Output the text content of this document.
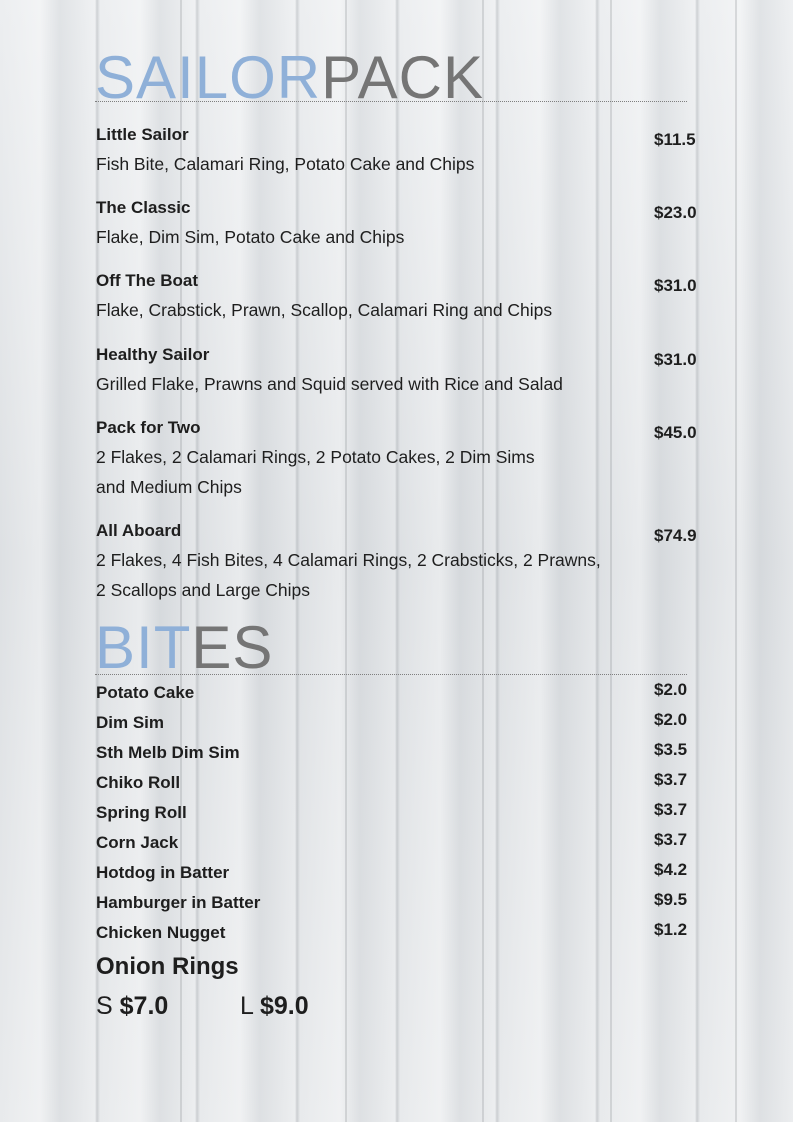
SAILORPACK
Little Sailor
Fish Bite, Calamari Ring, Potato Cake and Chips
$11.5
The Classic
Flake, Dim Sim, Potato Cake and Chips
$23.0
Off The Boat
Flake, Crabstick, Prawn, Scallop, Calamari Ring and Chips
$31.0
Healthy Sailor
Grilled Flake, Prawns and Squid served with Rice and Salad
$31.0
Pack for Two
2 Flakes, 2 Calamari Rings, 2 Potato Cakes, 2 Dim Sims
and Medium Chips
$45.0
All Aboard
2 Flakes, 4 Fish Bites, 4 Calamari Rings, 2 Crabsticks, 2 Prawns,
2 Scallops and Large Chips
$74.9
BITES
Potato Cake	$2.0
Dim Sim	$2.0
Sth Melb Dim Sim	$3.5
Chiko Roll	$3.7
Spring Roll	$3.7
Corn Jack	$3.7
Hotdog in Batter	$4.2
Hamburger in Batter	$9.5
Chicken Nugget	$1.2
Onion Rings
S $7.0	L $9.0
